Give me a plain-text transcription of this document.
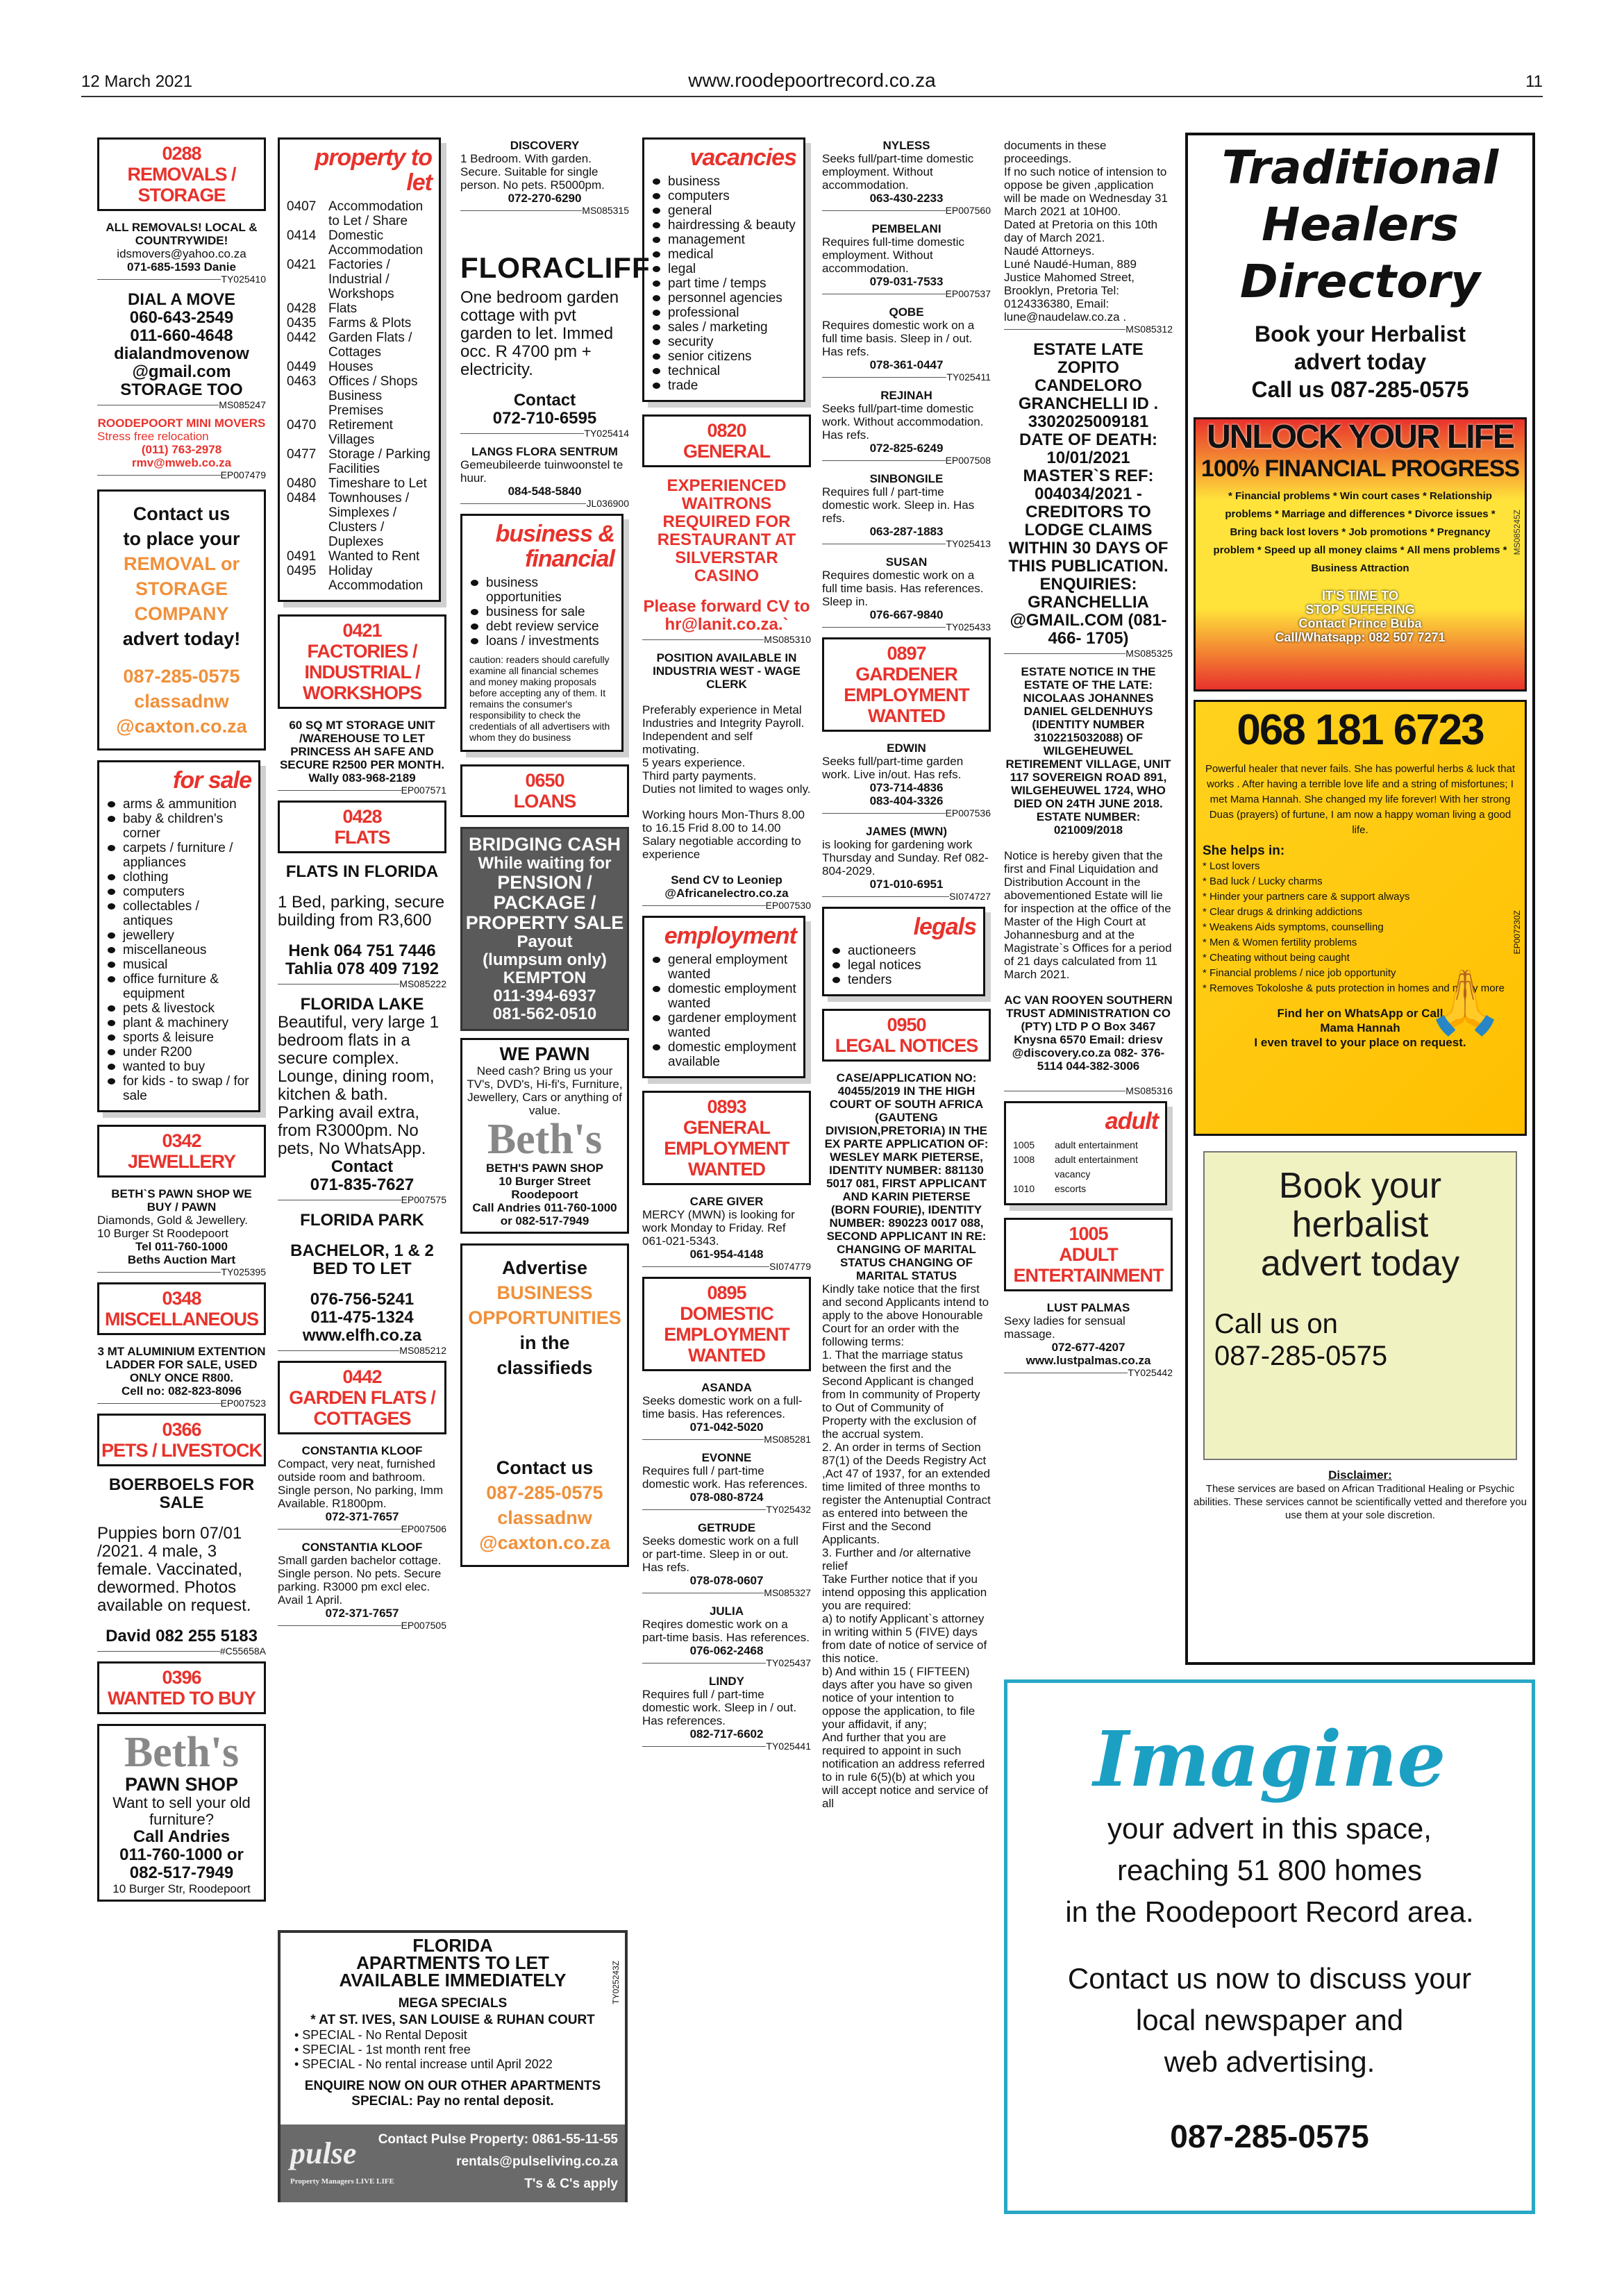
12 March 2021	www.roodepoortrecord.co.za	11
0288
REMOVALS / STORAGE
ALL REMOVALS! LOCAL & COUNTRYWIDE!
idsmovers@yahoo.co.za
071-685-1593 Danie
TY025410
DIAL A MOVE
060-643-2549
011-660-4648
dialandmovenow
@gmail.com
STORAGE TOO
MS085247
ROODEPOORT MINI MOVERS
Stress free relocation
(011) 763-2978
rmv@mweb.co.za
EP007479
Contact us
to place your
REMOVAL or
STORAGE
COMPANY
advert today!
087-285-0575
classadnw
@caxton.co.za
for sale
arms & ammunition
baby & children's corner
carpets / furniture / appliances
clothing
computers
collectables / antiques
jewellery
miscellaneous
musical
office furniture & equipment
pets & livestock
plant & machinery
sports & leisure
under R200
wanted to buy
for kids - to swap / for sale
0342
JEWELLERY
BETH`S PAWN SHOP WE BUY / PAWN
Diamonds, Gold & Jewellery.
10 Burger St Roodepoort
Tel 011-760-1000
Beths Auction Mart
TY025395
0348
MISCELLANEOUS
3 MT ALUMINIUM EXTENTION LADDER FOR SALE, USED ONLY ONCE R800.
Cell no: 082-823-8096
EP007523
0366
PETS / LIVESTOCK
BOERBOELS FOR SALE
Puppies born 07/01 /2021. 4 male, 3 female. Vaccinated, dewormed. Photos available on request.
David 082 255 5183
#C55658A
0396
WANTED TO BUY
Beth's
PAWN SHOP
Want to sell your old furniture?
Call Andries
011-760-1000 or
082-517-7949
10 Burger Str, Roodepoort
property to let
0407 Accommodation to Let / Share
0414 Domestic Accommodation
0421 Factories / Industrial / Workshops
0428 Flats
0435 Farms & Plots
0442 Garden Flats / Cottages
0449 Houses
0463 Offices / Shops Business Premises
0470 Retirement Villages
0477 Storage / Parking Facilities
0480 Timeshare to Let
0484 Townhouses / Simplexes / Clusters / Duplexes
0491 Wanted to Rent
0495 Holiday Accommodation
0421
FACTORIES / INDUSTRIAL / WORKSHOPS
60 SQ MT STORAGE UNIT /WAREHOUSE TO LET PRINCESS AH SAFE AND SECURE R2500 PER MONTH. Wally 083-968-2189
EP007571
0428
FLATS
FLATS IN FLORIDA
1 Bed, parking, secure building from R3,600
Henk 064 751 7446
Tahlia 078 409 7192
MS085222
FLORIDA LAKE
Beautiful, very large 1 bedroom flats in a secure complex. Lounge, dining room, kitchen & bath. Parking avail extra, from R3000pm. No pets, No WhatsApp.
Contact
071-835-7627
EP007575
FLORIDA PARK
BACHELOR, 1 & 2 BED TO LET
076-756-5241
011-475-1324
www.elfh.co.za
MS085212
0442
GARDEN FLATS / COTTAGES
CONSTANTIA KLOOF
Compact, very neat, furnished outside room and bathroom. Single person, No parking, Imm Available. R1800pm.
072-371-7657
EP007506
CONSTANTIA KLOOF
Small garden bachelor cottage. Single person. No pets. Secure parking. R3000 pm excl elec. Avail 1 April.
072-371-7657
EP007505
DISCOVERY
1 Bedroom. With garden. Secure. Suitable for single person. No pets. R5000pm.
072-270-6290
MS085315
FLORACLIFF
One bedroom garden cottage with pvt garden to let. Immed occ. R 4700 pm + electricity.
Contact
072-710-6595
TY025414
LANGS FLORA SENTRUM
Gemeubileerde tuinwoonstel te huur.
084-548-5840
JL036900
business & financial
business opportunities
business for sale
debt review service
loans / investments
caution: readers should carefully examine all financial schemes and money making proposals before accepting any of them. It remains the consumer's responsibility to check the credentials of all advertisers with whom they do business
0650
LOANS
BRIDGING CASH
While waiting for
PENSION / PACKAGE / PROPERTY SALE
Payout
(lumpsum only)
KEMPTON
011-394-6937
081-562-0510
WE PAWN
Need cash? Bring us your TV's, DVD's, Hi-fi's, Furniture, Jewellery, Cars or anything of value.
Beth's
BETH'S PAWN SHOP
10 Burger Street Roodepoort
Call Andries 011-760-1000 or 082-517-7949
Advertise
BUSINESS
OPPORTUNITIES
in the
classifieds
Contact us
087-285-0575
classadnw
@caxton.co.za
vacancies
business
computers
general
hairdressing & beauty
management
medical
legal
part time / temps
personnel agencies
professional
sales / marketing
security
senior citizens
technical
trade
0820
GENERAL
EXPERIENCED WAITRONS REQUIRED FOR RESTAURANT AT SILVERSTAR CASINO
Please forward CV to hr@lanit.co.za.`
MS085310
POSITION AVAILABLE IN INDUSTRIA WEST - WAGE CLERK
Preferably experience in Metal Industries and Integrity Payroll. Independent and self motivating.
5 years experience.
Third party payments.
Duties not limited to wages only.
Working hours Mon-Thurs 8.00 to 16.15 Frid 8.00 to 14.00 Salary negotiable according to experience
Send CV to Leoniep @Africanelectro.co.za
EP007530
employment
general employment wanted
domestic employment wanted
gardener employment wanted
domestic employment available
0893
GENERAL EMPLOYMENT WANTED
CARE GIVER
MERCY (MWN) is looking for work Monday to Friday. Ref 061-021-5343.
061-954-4148
SI074779
0895
DOMESTIC EMPLOYMENT WANTED
ASANDA
Seeks domestic work on a full-time basis. Has references.
071-042-5020
MS085281
EVONNE
Requires full / part-time domestic work. Has references.
078-080-8724
TY025432
GETRUDE
Seeks domestic work on a full or part-time. Sleep in or out. Has refs.
078-078-0607
MS085327
JULIA
Reqires domestic work on a part-time basis. Has references.
076-062-2468
TY025437
LINDY
Requires full / part-time domestic work. Sleep in / out. Has references.
082-717-6602
TY025441
NYLESS
Seeks full/part-time domestic employment. Without accommodation.
063-430-2233
EP007560
PEMBELANI
Requires full-time domestic employment. Without accommodation.
079-031-7533
EP007537
QOBE
Requires domestic work on a full time basis. Sleep in / out. Has refs.
078-361-0447
TY025411
REJINAH
Seeks full/part-time domestic work. Without accommodation. Has refs.
072-825-6249
EP007508
SINBONGILE
Requires full / part-time domestic work. Sleep in. Has refs.
063-287-1883
TY025413
SUSAN
Requires domestic work on a full time basis. Has references. Sleep in.
076-667-9840
TY025433
0897
GARDENER EMPLOYMENT WANTED
EDWIN
Seeks full/part-time garden work. Live in/out. Has refs.
073-714-4836
083-404-3326
EP007536
JAMES (MWN)
is looking for gardening work Thursday and Sunday. Ref 082-804-2029.
071-010-6951
SI074727
legals
auctioneers
legal notices
tenders
0950
LEGAL NOTICES
CASE/APPLICATION NO: 40455/2019 IN THE HIGH COURT OF SOUTH AFRICA (GAUTENG DIVISION,PRETORIA) IN THE EX PARTE APPLICATION OF: WESLEY MARK PIETERSE, IDENTITY NUMBER: 881130 5017 081, FIRST APPLICANT AND KARIN PIETERSE (BORN FOURIE), IDENTITY NUMBER: 890223 0017 088, SECOND APPLICANT IN RE: CHANGING OF MARITAL STATUS CHANGING OF MARITAL STATUS
Kindly take notice that the first and second Applicants intend to apply to the above Honourable Court for an order with the following terms:
1. That the marriage status between the first and the Second Applicant is changed from In community of Property to Out of Community of Property with the exclusion of the accrual system.
2. An order in terms of Section 87(1) of the Deeds Registry Act ,Act 47 of 1937, for an extended time limited of three months to register the Antenuptial Contract as entered into between the First and the Second Applicants.
3. Further and /or alternative relief
Take Further notice that if you intend opposing this application you are required:
a) to notify Applicant`s attorney in writing within 5 (FIVE) days from date of notice of service of this notice.
b) And within 15 ( FIFTEEN) days after you have so given notice of your intention to oppose the application, to file your affidavit, if any;
And further that you are required to appoint in such notification an address referred to in rule 6(5)(b) at which you will accept notice and service of all
documents in these proceedings.
If no such notice of intension to oppose be given ,application will be made on Wednesday 31 March 2021 at 10H00.
Dated at Pretoria on this 10th day of March 2021.
Naudé Attorneys.
Luné Naudé-Human, 889 Justice Mahomed Street, Brooklyn, Pretoria Tel: 0124336380, Email: lune@naudelaw.co.za .
MS085312
ESTATE LATE ZOPITO CANDELORO GRANCHELLI ID . 3302025009181 DATE OF DEATH: 10/01/2021 MASTER`S REF: 004034/2021 - CREDITORS TO LODGE CLAIMS WITHIN 30 DAYS OF THIS PUBLICATION. ENQUIRIES: GRANCHELLIA @GMAIL.COM (081-466- 1705)
MS085325
ESTATE NOTICE IN THE ESTATE OF THE LATE: NICOLAAS JOHANNES DANIEL GELDENHUYS (IDENTITY NUMBER 3102215032088) OF WILGEHEUWEL RETIREMENT VILLAGE, UNIT 117 SOVEREIGN ROAD 891, WILGEHEUWEL 1724, WHO DIED ON 24TH JUNE 2018. ESTATE NUMBER: 021009/2018
Notice is hereby given that the first and Final Liquidation and Distribution Account in the abovementioned Estate will lie for inspection at the office of the Master of the High Court at Johannesburg and at the Magistrate`s Offices for a period of 21 days calculated from 11 March 2021.
AC VAN ROOYEN SOUTHERN TRUST ADMINISTRATION CO (PTY) LTD P O Box 3467 Knysna 6570 Email: driesv @discovery.co.za 082- 376-5114 044-382-3006
MS085316
adult
1005	adult entertainment
1008	adult entertainment vacancy
1010	escorts
1005
ADULT ENTERTAINMENT
LUST PALMAS
Sexy ladies for sensual massage.
072-677-4207
www.lustpalmas.co.za
TY025442
FLORIDA
APARTMENTS TO LET
AVAILABLE IMMEDIATELY
MEGA SPECIALS
* AT ST. IVES, SAN LOUISE & RUHAN COURT
• SPECIAL - No Rental Deposit
• SPECIAL - 1st month rent free
• SPECIAL - No rental increase until April 2022
ENQUIRE NOW ON OUR OTHER APARTMENTS
SPECIAL: Pay no rental deposit.
TY025243Z
Contact Pulse Property: 0861-55-11-55
rentals@pulseliving.co.za
T's & C's apply
pulse
Property Managers LIVE LIFE
Traditional
Healers
Directory
Book your Herbalist
advert today
Call us 087-285-0575
UNLOCK YOUR LIFE
100% FINANCIAL PROGRESS
* Financial problems * Win court cases * Relationship problems * Marriage and differences * Divorce issues * Bring back lost lovers * Job promotions * Pregnancy problem * Speed up all money claims * All mens problems * Business Attraction
IT'S TIME TO
STOP SUFFERING
Contact Prince Buba
Call/Whatsapp: 082 507 7271
MS085245Z
068 181 6723
Powerful healer that never fails. She has powerful herbs & luck that works . After having a terrible love life and a string of misfortunes; I met Mama Hannah. She changed my life forever! With her strong Duas (prayers) of furtune, I am now a happy woman living a good life.
She helps in:
* Lost lovers
* Bad luck / Lucky charms
* Hinder your partners care & support always
* Clear drugs & drinking addictions
* Weakens Aids symptoms, counselling
* Men & Women fertility problems
* Cheating without being caught
* Financial problems / nice job opportunity
* Removes Tokoloshe & puts protection in homes and many more
Find her on WhatsApp or Call
Mama Hannah
I even travel to your place on request.
🙏
EP007230Z
Book your
herbalist
advert today
Call us on
087-285-0575
Disclaimer:
These services are based on African Traditional Healing or Psychic abilities. These services cannot be scientifically vetted and therefore you use them at your sole discretion.
Imagine
your advert in this space,
reaching 51 800 homes
in the Roodepoort Record area.
Contact us now to discuss your
local newspaper and
web advertising.
087-285-0575
